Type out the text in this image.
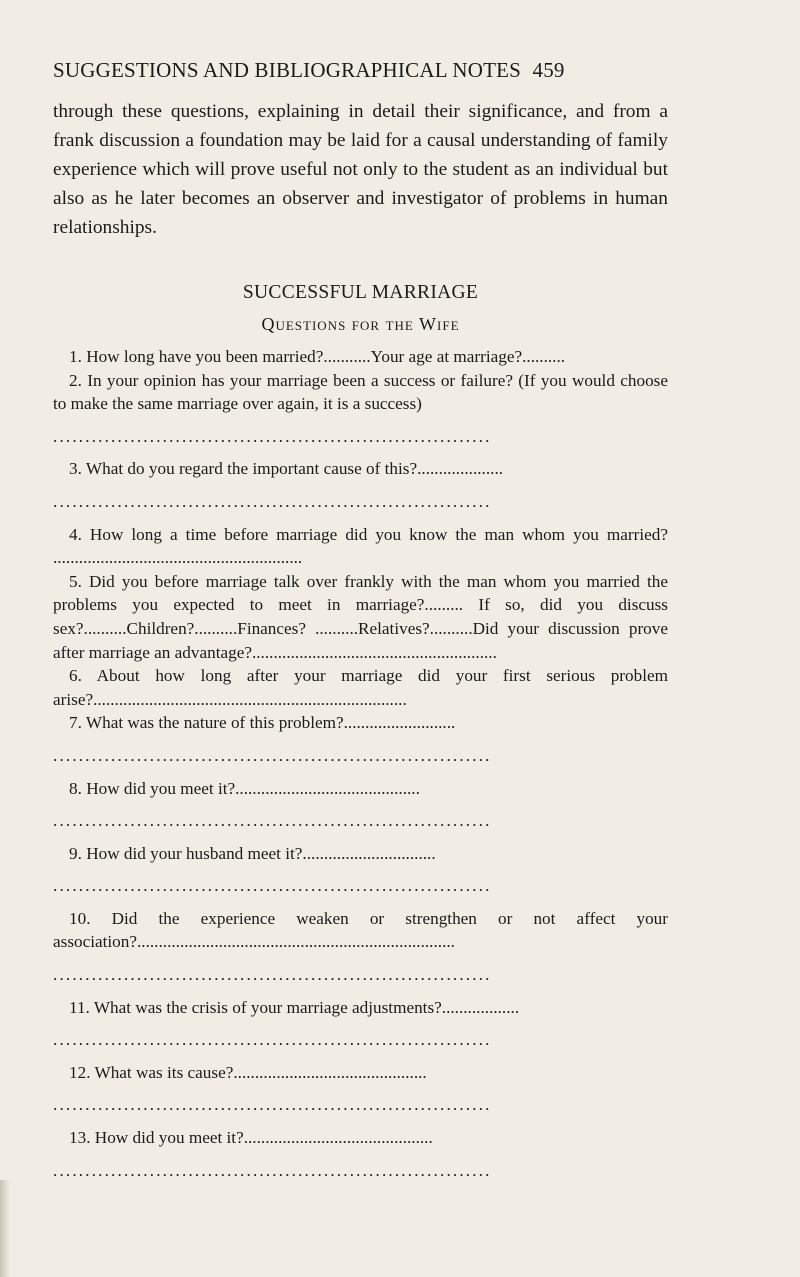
SUGGESTIONS AND BIBLIOGRAPHICAL NOTES 459

through these questions, explaining in detail their significance, and from a frank discussion a foundation may be laid for a causal understanding of family experience which will prove useful not only to the student as an individual but also as he later becomes an observer and investigator of problems in human relationships.

SUCCESSFUL MARRIAGE
Questions for the Wife

1. How long have you been married?...........Your age at marriage?..........

2. In your opinion has your marriage been a success or failure? (If you would choose to make the same marriage over again, it is a success)

....................................................................

3. What do you regard the important cause of this?....................

....................................................................

4. How long a time before marriage did you know the man whom you married? ..........................................................

5. Did you before marriage talk over frankly with the man whom you married the problems you expected to meet in marriage?......... If so, did you discuss sex?..........Children?..........Finances? ..........Relatives?..........Did your discussion prove after marriage an advantage?.........................................................

6. About how long after your marriage did your first serious problem arise?.........................................................................

7. What was the nature of this problem?..........................

....................................................................

8. How did you meet it?...........................................

....................................................................

9. How did your husband meet it?...............................

....................................................................

10. Did the experience weaken or strengthen or not affect your association?..........................................................................

....................................................................

11. What was the crisis of your marriage adjustments?..................

....................................................................

12. What was its cause?.............................................

....................................................................

13. How did you meet it?............................................

....................................................................
